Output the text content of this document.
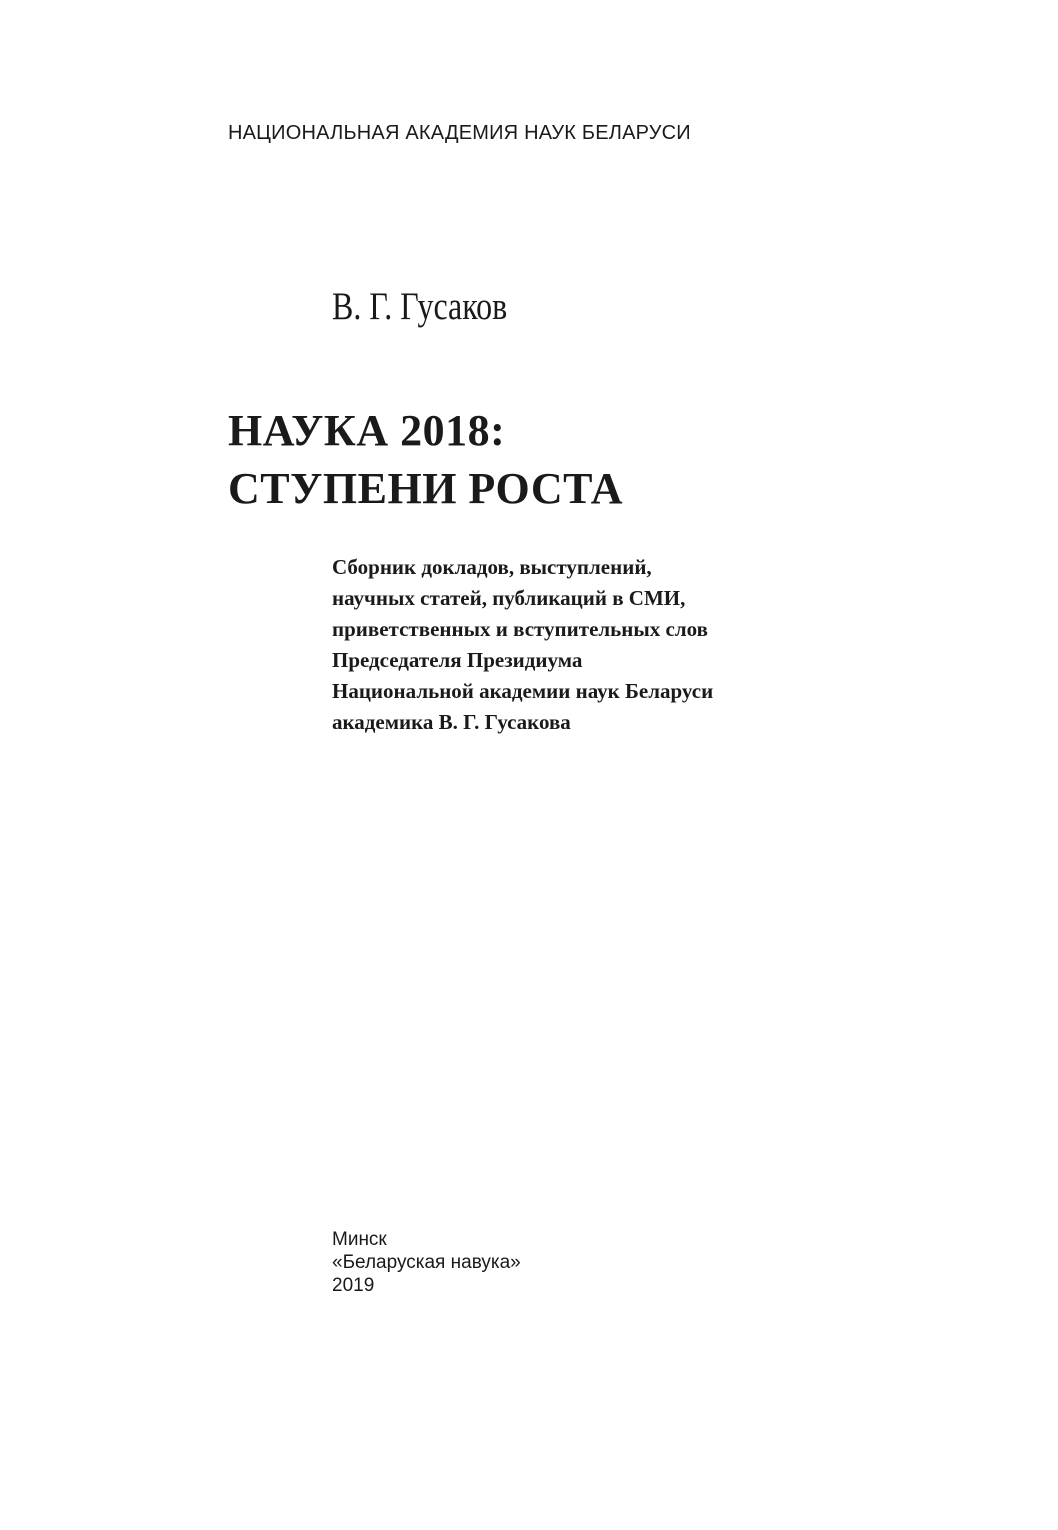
НАЦИОНАЛЬНАЯ АКАДЕМИЯ НАУК БЕЛАРУСИ
В. Г. Гусаков
НАУКА 2018:
СТУПЕНИ РОСТА
Сборник докладов, выступлений,
научных статей, публикаций в СМИ,
приветственных и вступительных слов
Председателя Президиума
Национальной академии наук Беларуси
академика В. Г. Гусакова
Минск
«Беларуская навука»
2019
